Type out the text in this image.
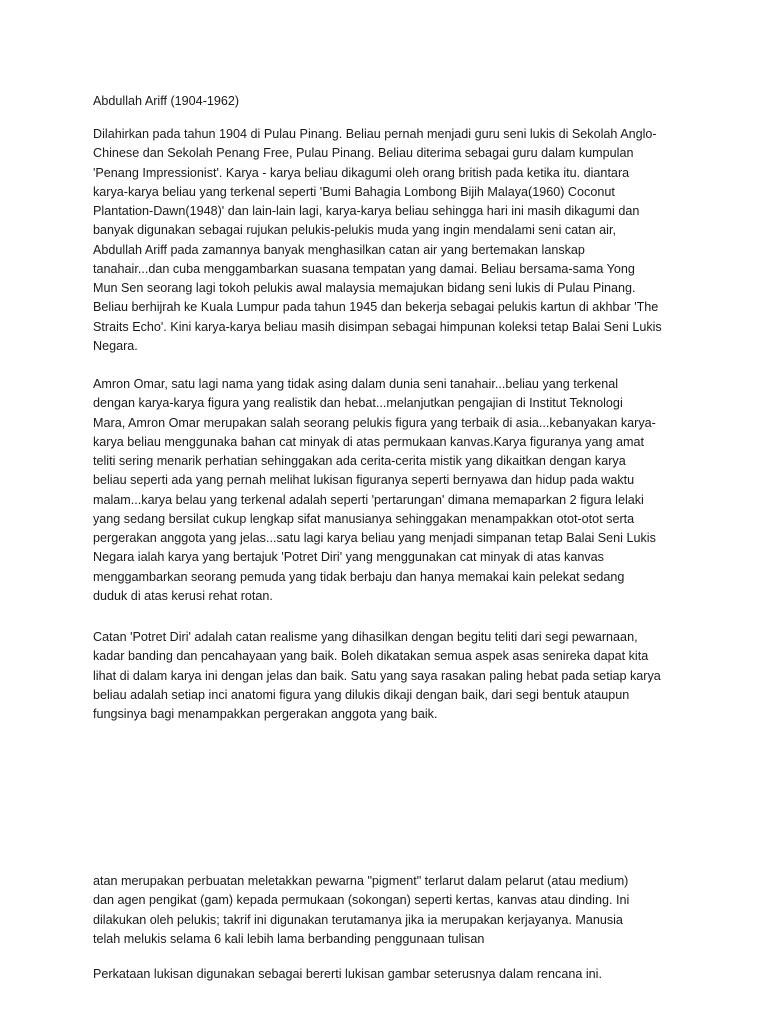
Abdullah Ariff (1904-1962)

Dilahirkan pada tahun 1904 di Pulau Pinang. Beliau pernah menjadi guru seni lukis di Sekolah Anglo-
Chinese dan Sekolah Penang Free, Pulau Pinang. Beliau diterima sebagai guru dalam kumpulan
'Penang Impressionist'. Karya - karya beliau dikagumi oleh orang british pada ketika itu. diantara
karya-karya beliau yang terkenal seperti 'Bumi Bahagia Lombong Bijih Malaya(1960) Coconut
Plantation-Dawn(1948)' dan lain-lain lagi, karya-karya beliau sehingga hari ini masih dikagumi dan
banyak digunakan sebagai rujukan pelukis-pelukis muda yang ingin mendalami seni catan air,
Abdullah Ariff pada zamannya banyak menghasilkan catan air yang bertemakan lanskap
tanahair...dan cuba menggambarkan suasana tempatan yang damai. Beliau bersama-sama Yong
Mun Sen seorang lagi tokoh pelukis awal malaysia memajukan bidang seni lukis di Pulau Pinang.
Beliau berhijrah ke Kuala Lumpur pada tahun 1945 dan bekerja sebagai pelukis kartun di akhbar 'The
Straits Echo'. Kini karya-karya beliau masih disimpan sebagai himpunan koleksi tetap Balai Seni Lukis
Negara.

Amron Omar, satu lagi nama yang tidak asing dalam dunia seni tanahair...beliau yang terkenal
dengan karya-karya figura yang realistik dan hebat...melanjutkan pengajian di Institut Teknologi
Mara, Amron Omar merupakan salah seorang pelukis figura yang terbaik di asia...kebanyakan karya-
karya beliau menggunaka bahan cat minyak di atas permukaan kanvas.Karya figuranya yang amat
teliti sering menarik perhatian sehinggakan ada cerita-cerita mistik yang dikaitkan dengan karya
beliau seperti ada yang pernah melihat lukisan figuranya seperti bernyawa dan hidup pada waktu
malam...karya belau yang terkenal adalah seperti 'pertarungan' dimana memaparkan 2 figura lelaki
yang sedang bersilat cukup lengkap sifat manusianya sehinggakan menampakkan otot-otot serta
pergerakan anggota yang jelas...satu lagi karya beliau yang menjadi simpanan tetap Balai Seni Lukis
Negara ialah karya yang bertajuk 'Potret Diri' yang menggunakan cat minyak di atas kanvas
menggambarkan seorang pemuda yang tidak berbaju dan hanya memakai kain pelekat sedang
duduk di atas kerusi rehat rotan.

Catan 'Potret Diri' adalah catan realisme yang dihasilkan dengan begitu teliti dari segi pewarnaan,
kadar banding dan pencahayaan yang baik. Boleh dikatakan semua aspek asas senireka dapat kita
lihat di dalam karya ini dengan jelas dan baik. Satu yang saya rasakan paling hebat pada setiap karya
beliau adalah setiap inci anatomi figura yang dilukis dikaji dengan baik, dari segi bentuk ataupun
fungsinya bagi menampakkan pergerakan anggota yang baik.

atan merupakan perbuatan meletakkan pewarna "pigment" terlarut dalam pelarut (atau medium)
dan agen pengikat (gam) kepada permukaan (sokongan) seperti kertas, kanvas atau dinding. Ini
dilakukan oleh pelukis; takrif ini digunakan terutamanya jika ia merupakan kerjayanya. Manusia
telah melukis selama 6 kali lebih lama berbanding penggunaan tulisan

Perkataan lukisan digunakan sebagai bererti lukisan gambar seterusnya dalam rencana ini.
